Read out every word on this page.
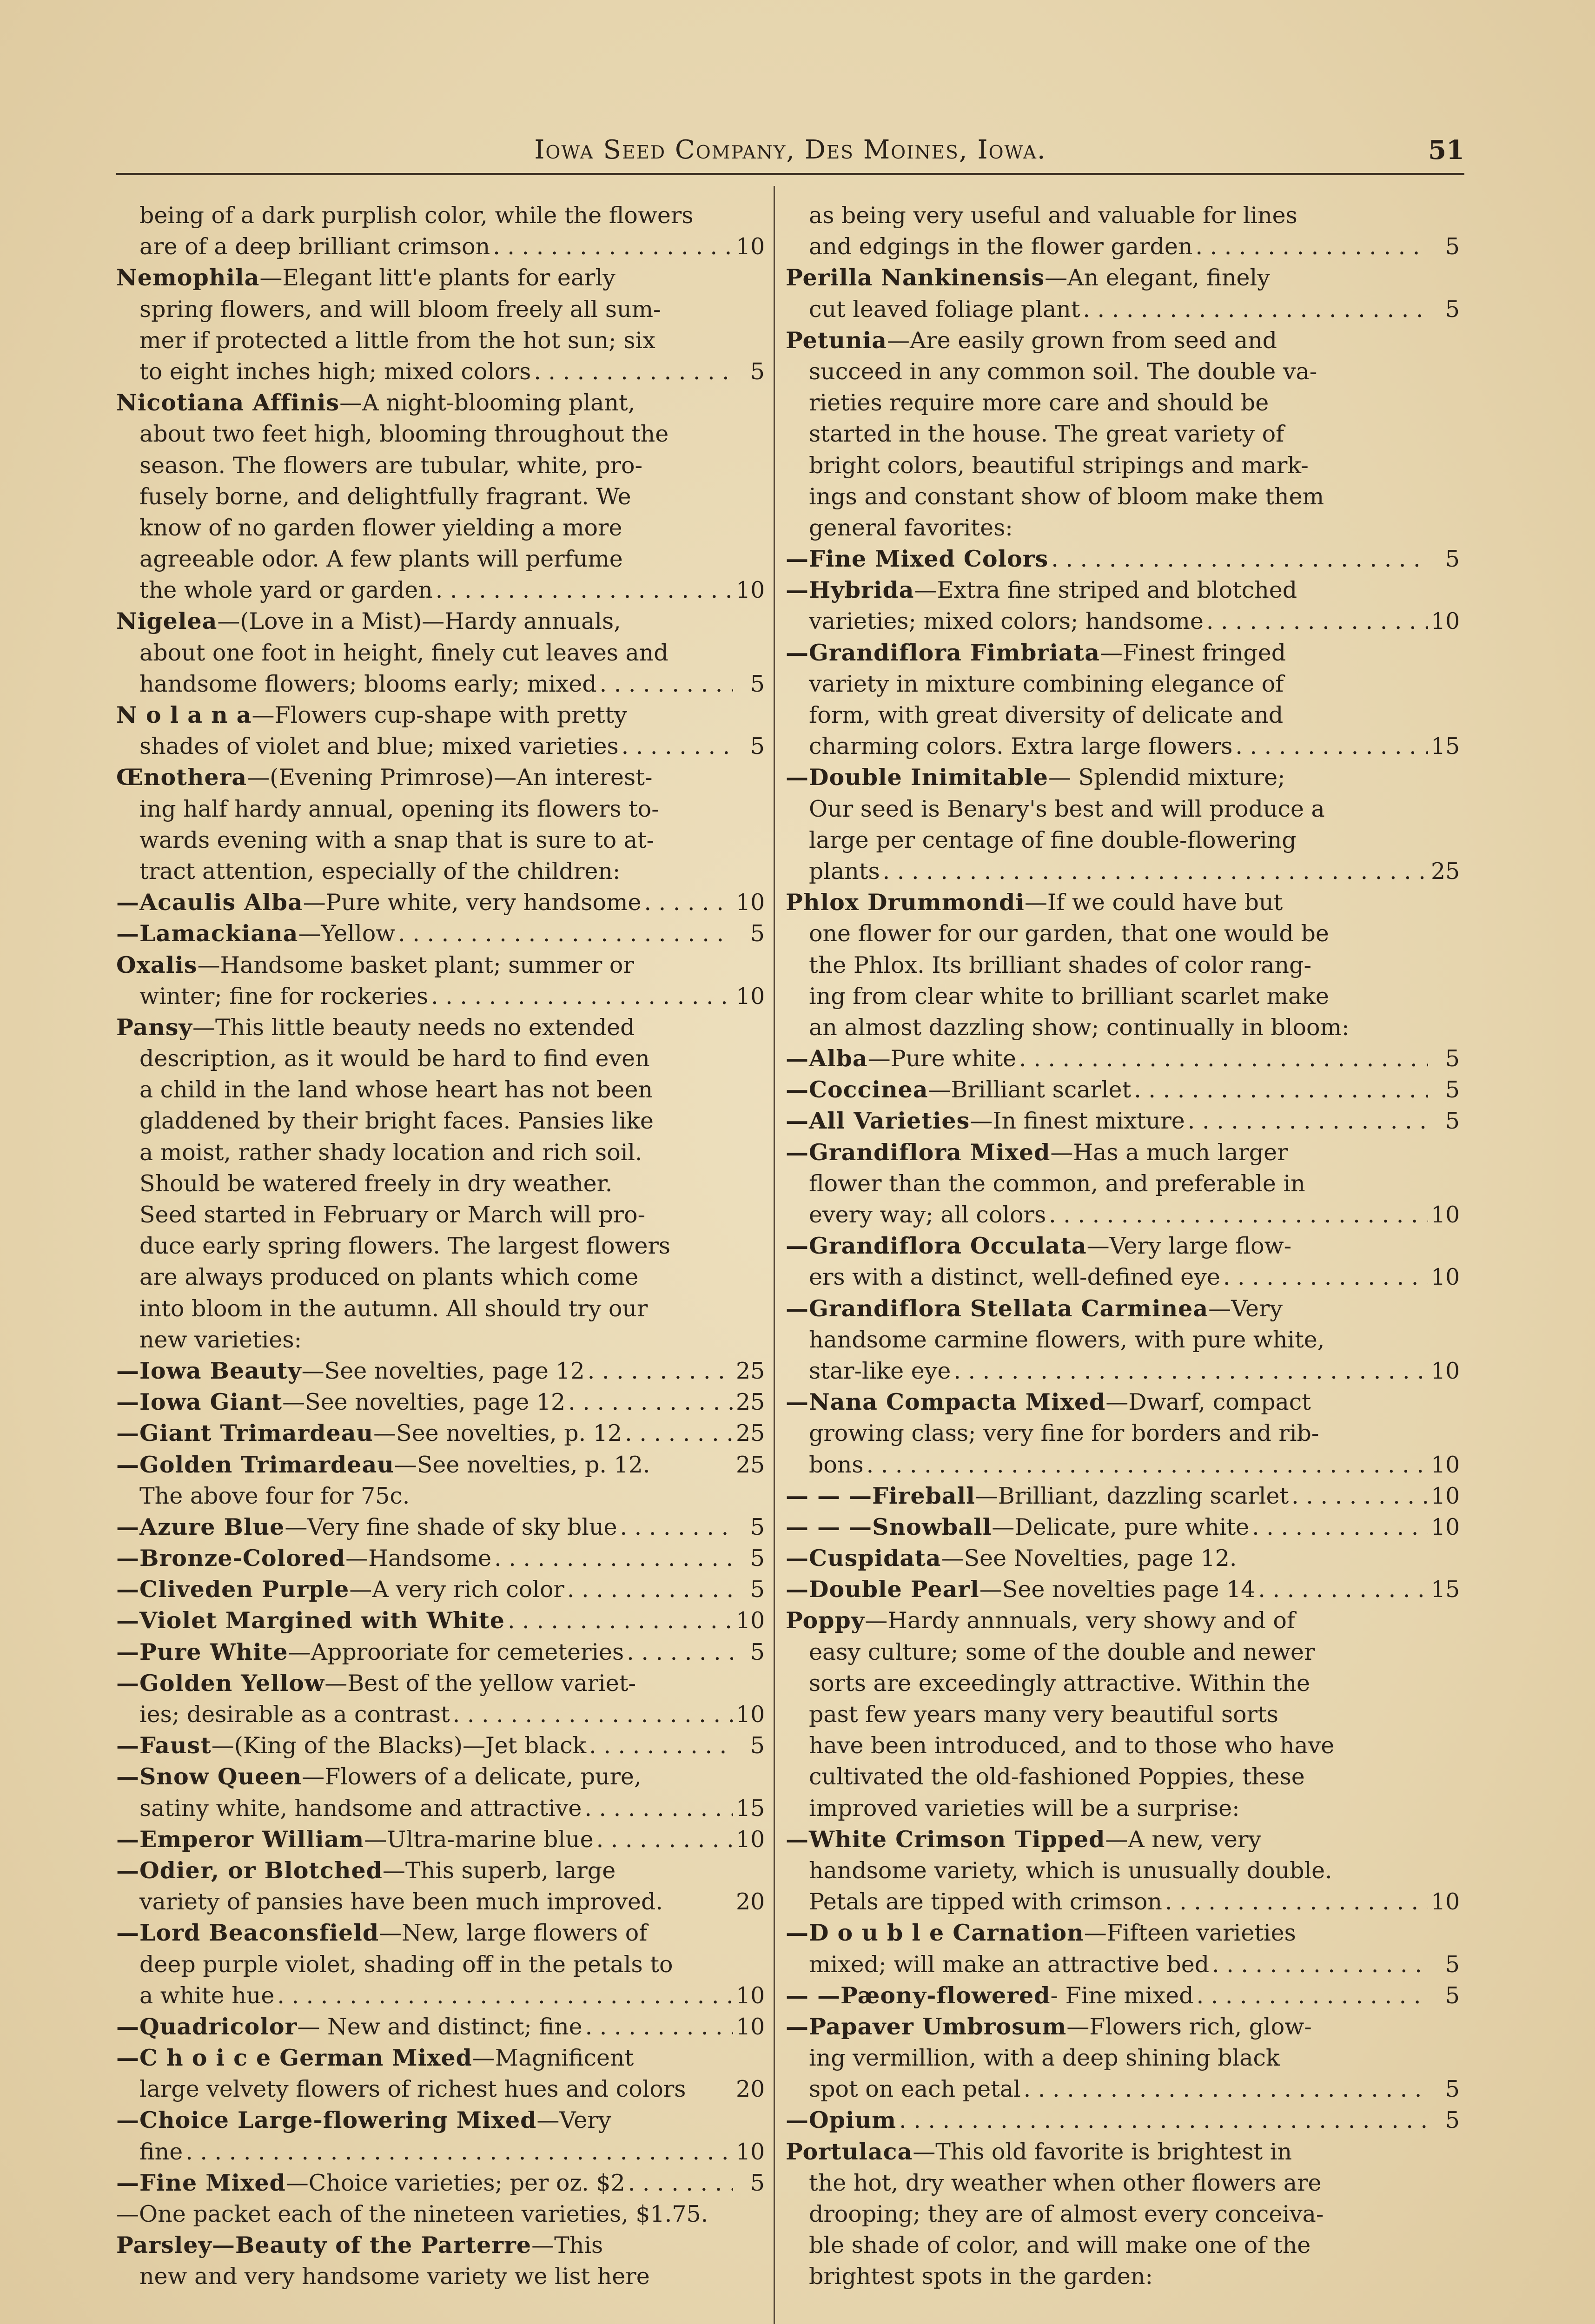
Iowa Seed Company, Des Moines, Iowa.	51
being of a dark purplish color, while the flowers
are of a deep brilliant crimson . . .	10
Nemophila—Elegant litt'e plants for early
spring flowers, and will bloom freely all sum-
mer if protected a little from the hot sun; six
to eight inches high; mixed colors . . .	5
Nicotiana Affinis—A night-blooming plant,
about two feet high, blooming throughout the
season. The flowers are tubular, white, pro-
fusely borne, and delightfully fragrant. We
know of no garden flower yielding a more
agreeable odor. A few plants will perfume
the whole yard or garden . . .	10
Nigelea—(Love in a Mist)—Hardy annuals,
about one foot in height, finely cut leaves and
handsome flowers; blooms early; mixed . . .	5
N o l a n a—Flowers cup-shape with pretty
shades of violet and blue; mixed varieties . . .	5
Œnothera—(Evening Primrose)—An interest-
ing half hardy annual, opening its flowers to-
wards evening with a snap that is sure to at-
tract attention, especially of the children:
—Acaulis Alba—Pure white, very handsome . . .	10
—Lamackiana—Yellow . . .	5
Oxalis—Handsome basket plant; summer or
winter; fine for rockeries . . .	10
Pansy—This little beauty needs no extended
description, as it would be hard to find even
a child in the land whose heart has not been
gladdened by their bright faces. Pansies like
a moist, rather shady location and rich soil.
Should be watered freely in dry weather.
Seed started in February or March will pro-
duce early spring flowers. The largest flowers
are always produced on plants which come
into bloom in the autumn. All should try our
new varieties:
—Iowa Beauty—See novelties, page 12 . . .	25
—Iowa Giant—See novelties, page 12 . . .	25
—Giant Trimardeau—See novelties, p. 12 . . .	25
—Golden Trimardeau—See novelties, p. 12.	25
The above four for 75c.
—Azure Blue—Very fine shade of sky blue . . .	5
—Bronze-Colored—Handsome . . .	5
—Cliveden Purple—A very rich color . . .	5
—Violet Margined with White . . .	10
—Pure White—Approoriate for cemeteries . . .	5
—Golden Yellow—Best of the yellow variet-
ies; desirable as a contrast . . .	10
—Faust—(King of the Blacks)—Jet black . . .	5
—Snow Queen—Flowers of a delicate, pure,
satiny white, handsome and attractive . . .	15
—Emperor William—Ultra-marine blue . . .	10
—Odier, or Blotched—This superb, large
variety of pansies have been much improved.	20
—Lord Beaconsfield—New, large flowers of
deep purple violet, shading off in the petals to
a white hue . . .	10
—Quadricolor— New and distinct; fine . . .	10
—C h o i c e German Mixed—Magnificent
large velvety flowers of richest hues and colors 20
—Choice Large-flowering Mixed—Very
fine . . .	10
—Fine Mixed—Choice varieties; per oz. $2 . . .	5
—One packet each of the nineteen varieties, $1.75.
Parsley—Beauty of the Parterre—This
new and very handsome variety we list here
as being very useful and valuable for lines
and edgings in the flower garden . . .	5
Perilla Nankinensis—An elegant, finely
cut leaved foliage plant . . .	5
Petunia—Are easily grown from seed and
succeed in any common soil. The double va-
rieties require more care and should be
started in the house. The great variety of
bright colors, beautiful stripings and mark-
ings and constant show of bloom make them
general favorites:
—Fine Mixed Colors . . .	5
—Hybrida—Extra fine striped and blotched
varieties; mixed colors; handsome . . .	10
—Grandiflora Fimbriata—Finest fringed
variety in mixture combining elegance of
form, with great diversity of delicate and
charming colors. Extra large flowers . . .	15
—Double Inimitable— Splendid mixture;
Our seed is Benary's best and will produce a
large per centage of fine double-flowering
plants . . .	25
Phlox Drummondi—If we could have but
one flower for our garden, that one would be
the Phlox. Its brilliant shades of color rang-
ing from clear white to brilliant scarlet make
an almost dazzling show; continually in bloom:
—Alba—Pure white . . .	5
—Coccinea—Brilliant scarlet . . .	5
—All Varieties—In finest mixture . . .	5
—Grandiflora Mixed—Has a much larger
flower than the common, and preferable in
every way; all colors . . .	10
—Grandiflora Occulata—Very large flow-
ers with a distinct, well-defined eye . . .	10
—Grandiflora Stellata Carminea—Very
handsome carmine flowers, with pure white,
star-like eye . . .	10
—Nana Compacta Mixed—Dwarf, compact
growing class; very fine for borders and rib-
bons . . .	10
— — —Fireball—Brilliant, dazzling scarlet . . .	10
— — —Snowball—Delicate, pure white . . .	10
—Cuspidata—See Novelties, page 12.
—Double Pearl—See novelties page 14 . . .	15
Poppy—Hardy annnuals, very showy and of
easy culture; some of the double and newer
sorts are exceedingly attractive. Within the
past few years many very beautiful sorts
have been introduced, and to those who have
cultivated the old-fashioned Poppies, these
improved varieties will be a surprise:
—White Crimson Tipped—A new, very
handsome variety, which is unusually double.
Petals are tipped with crimson . . .	10
—D o u b l e Carnation—Fifteen varieties
mixed; will make an attractive bed . . .	5
— —Pæony-flowered- Fine mixed . . .	5
—Papaver Umbrosum—Flowers rich, glow-
ing vermillion, with a deep shining black
spot on each petal . . .	5
—Opium . . .	5
Portulaca—This old favorite is brightest in
the hot, dry weather when other flowers are
drooping; they are of almost every conceiva-
ble shade of color, and will make one of the
brightest spots in the garden:
